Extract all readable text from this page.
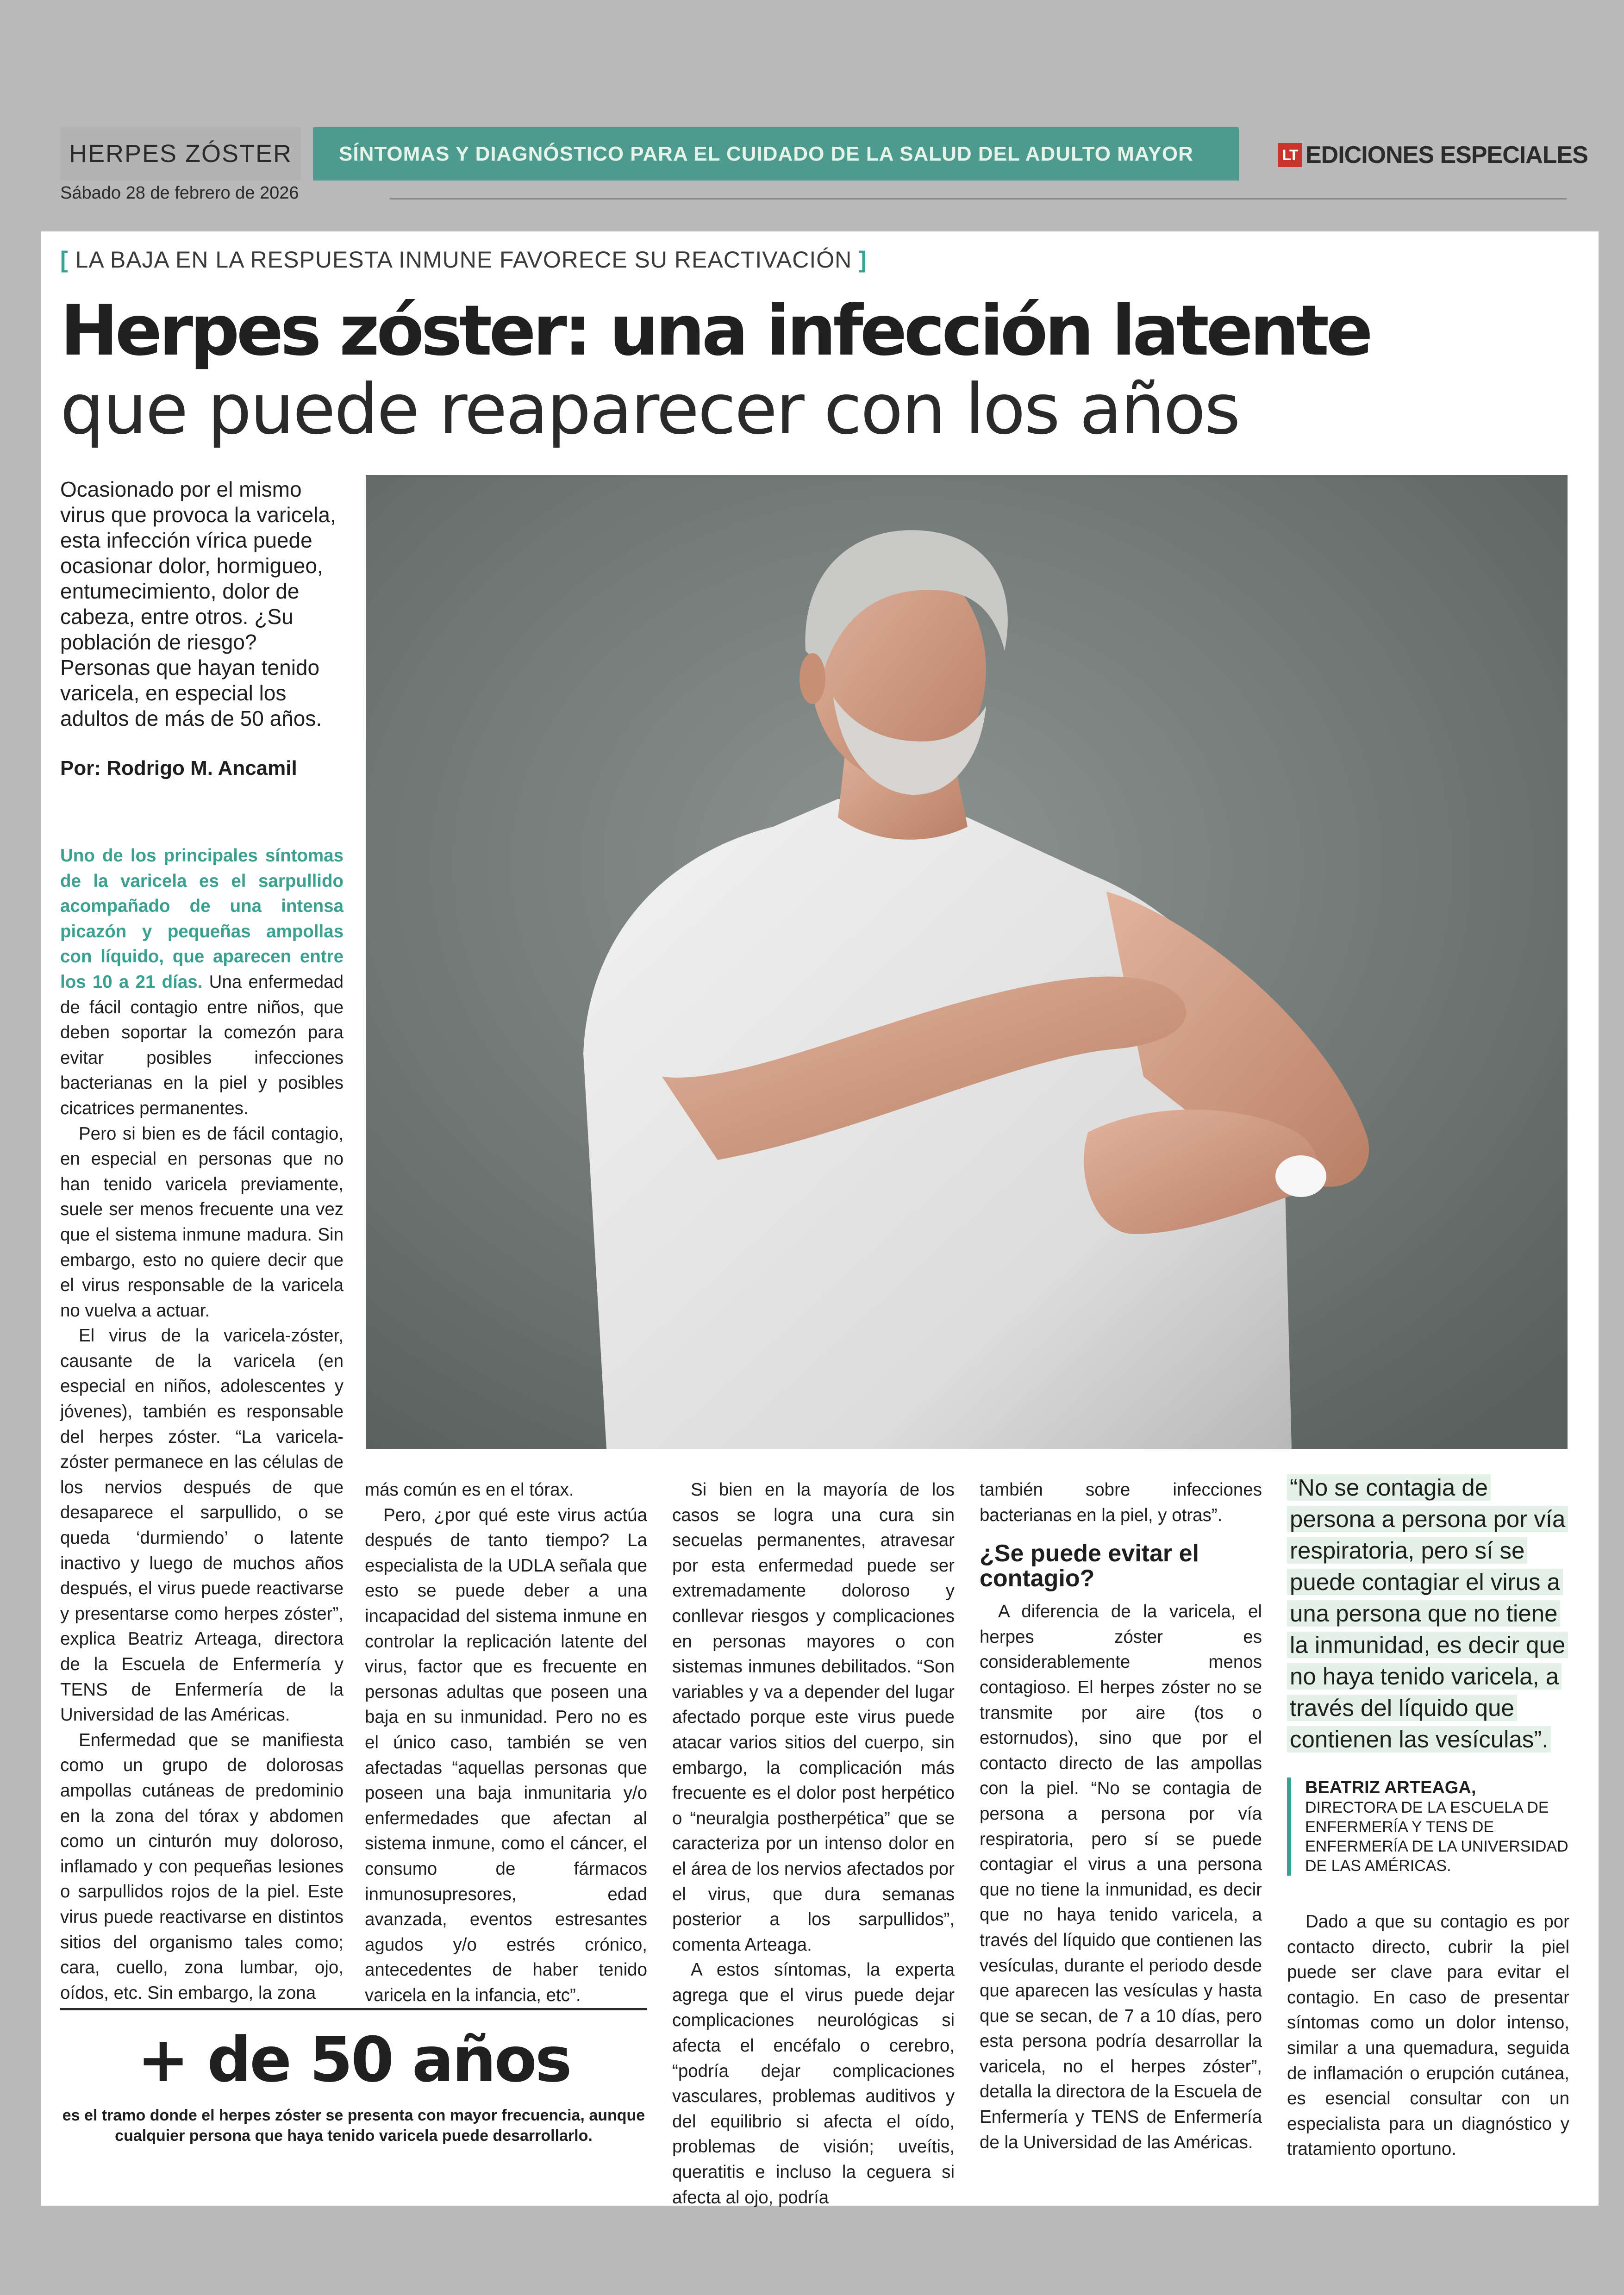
HERPES ZÓSTER	SÍNTOMAS Y DIAGNÓSTICO PARA EL CUIDADO DE LA SALUD DEL ADULTO MAYOR	LT EDICIONES ESPECIALES
Sábado 28 de febrero de 2026
[ LA BAJA EN LA RESPUESTA INMUNE FAVORECE SU REACTIVACIÓN ]
Herpes zóster: una infección latente
que puede reaparecer con los años
Ocasionado por el mismo virus que provoca la varicela, esta infección vírica puede ocasionar dolor, hormigueo, entumecimiento, dolor de cabeza, entre otros. ¿Su población de riesgo? Personas que hayan tenido varicela, en especial los adultos de más de 50 años.
Por: Rodrigo M. Ancamil

Uno de los principales síntomas de la varicela es el sarpullido acompañado de una intensa picazón y pequeñas ampollas con líquido, que aparecen entre los 10 a 21 días. Una enfermedad de fácil contagio entre niños, que deben soportar la comezón para evitar posibles infecciones bacterianas en la piel y posibles cicatrices permanentes.

Pero si bien es de fácil contagio, en especial en personas que no han tenido varicela previamente, suele ser menos frecuente una vez que el sistema inmune madura. Sin embargo, esto no quiere decir que el virus responsable de la varicela no vuelva a actuar.

El virus de la varicela-zóster, causante de la varicela (en especial en niños, adolescentes y jóvenes), también es responsable del herpes zóster. “La varicela-zóster permanece en las células de los nervios después de que desaparece el sarpullido, o se queda ‘durmiendo’ o latente inactivo y luego de muchos años después, el virus puede reactivarse y presentarse como herpes zóster”, explica Beatriz Arteaga, directora de la Escuela de Enfermería y TENS de Enfermería de la Universidad de las Américas.

Enfermedad que se manifiesta como un grupo de dolorosas ampollas cutáneas de predominio en la zona del tórax y abdomen como un cinturón muy doloroso, inflamado y con pequeñas lesiones o sarpullidos rojos de la piel. Este virus puede reactivarse en distintos sitios del organismo tales como; cara, cuello, zona lumbar, ojo, oídos, etc. Sin embargo, la zona

más común es en el tórax.

Pero, ¿por qué este virus actúa después de tanto tiempo? La especialista de la UDLA señala que esto se puede deber a una incapacidad del sistema inmune en controlar la replicación latente del virus, factor que es frecuente en personas adultas que poseen una baja en su inmunidad. Pero no es el único caso, también se ven afectadas “aquellas personas que poseen una baja inmunitaria y/o enfermedades que afectan al sistema inmune, como el cáncer, el consumo de fármacos inmunosupresores, edad avanzada, eventos estresantes agudos y/o estrés crónico, antecedentes de haber tenido varicela en la infancia, etc”.

Si bien en la mayoría de los casos se logra una cura sin secuelas permanentes, atravesar por esta enfermedad puede ser extremadamente doloroso y conllevar riesgos y complicaciones en personas mayores o con sistemas inmunes debilitados. “Son variables y va a depender del lugar afectado porque este virus puede atacar varios sitios del cuerpo, sin embargo, la complicación más frecuente es el dolor post herpético o “neuralgia postherpética” que se caracteriza por un intenso dolor en el área de los nervios afectados por el virus, que dura semanas posterior a los sarpullidos”, comenta Arteaga.

A estos síntomas, la experta agrega que el virus puede dejar complicaciones neurológicas si afecta el encéfalo o cerebro, “podría dejar complicaciones vasculares, problemas auditivos y del equilibrio si afecta el oído, problemas de visión; uveítis, queratitis e incluso la ceguera si afecta al ojo, podría

también sobre infecciones bacterianas en la piel, y otras”.

¿Se puede evitar el contagio?

A diferencia de la varicela, el herpes zóster es considerablemente menos contagioso. El herpes zóster no se transmite por aire (tos o estornudos), sino que por el contacto directo de las ampollas con la piel. “No se contagia de persona a persona por vía respiratoria, pero sí se puede contagiar el virus a una persona que no tiene la inmunidad, es decir que no haya tenido varicela, a través del líquido que contienen las vesículas, durante el periodo desde que aparecen las vesículas y hasta que se secan, de 7 a 10 días, pero esta persona podría desarrollar la varicela, no el herpes zóster”, detalla la directora de la Escuela de Enfermería y TENS de Enfermería de la Universidad de las Américas.

“No se contagia de persona a persona por vía respiratoria, pero sí se puede contagiar el virus a una persona que no tiene la inmunidad, es decir que no haya tenido varicela, a través del líquido que contienen las vesículas”.
BEATRIZ ARTEAGA,
DIRECTORA DE LA ESCUELA DE ENFERMERÍA Y TENS DE ENFERMERÍA DE LA UNIVERSIDAD DE LAS AMÉRICAS.

Dado a que su contagio es por contacto directo, cubrir la piel puede ser clave para evitar el contagio. En caso de presentar síntomas como un dolor intenso, similar a una quemadura, seguida de inflamación o erupción cutánea, es esencial consultar con un especialista para un diagnóstico y tratamiento oportuno.

+ de 50 años
es el tramo donde el herpes zóster se presenta con mayor frecuencia, aunque cualquier persona que haya tenido varicela puede desarrollarlo.
